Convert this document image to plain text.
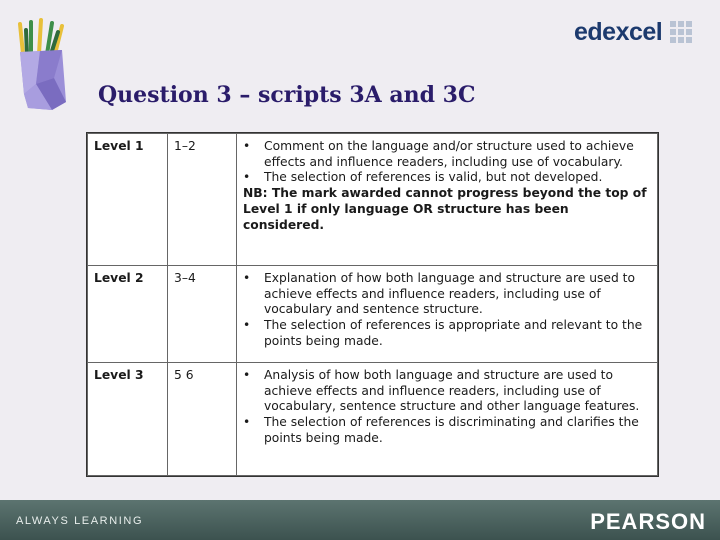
edexcel
Question 3 – scripts 3A and 3C
Level 1	1–2	• Comment on the language and/or structure used to achieve effects and influence readers, including use of vocabulary.
• The selection of references is valid, but not developed.
NB: The mark awarded cannot progress beyond the top of Level 1 if only language OR structure has been considered.

Level 2	3–4	• Explanation of how both language and structure are used to achieve effects and influence readers, including use of vocabulary and sentence structure.
• The selection of references is appropriate and relevant to the points being made.

Level 3	5 6	• Analysis of how both language and structure are used to achieve effects and influence readers, including use of vocabulary, sentence structure and other language features.
• The selection of references is discriminating and clarifies the points being made.
ALWAYS LEARNING	PEARSON
